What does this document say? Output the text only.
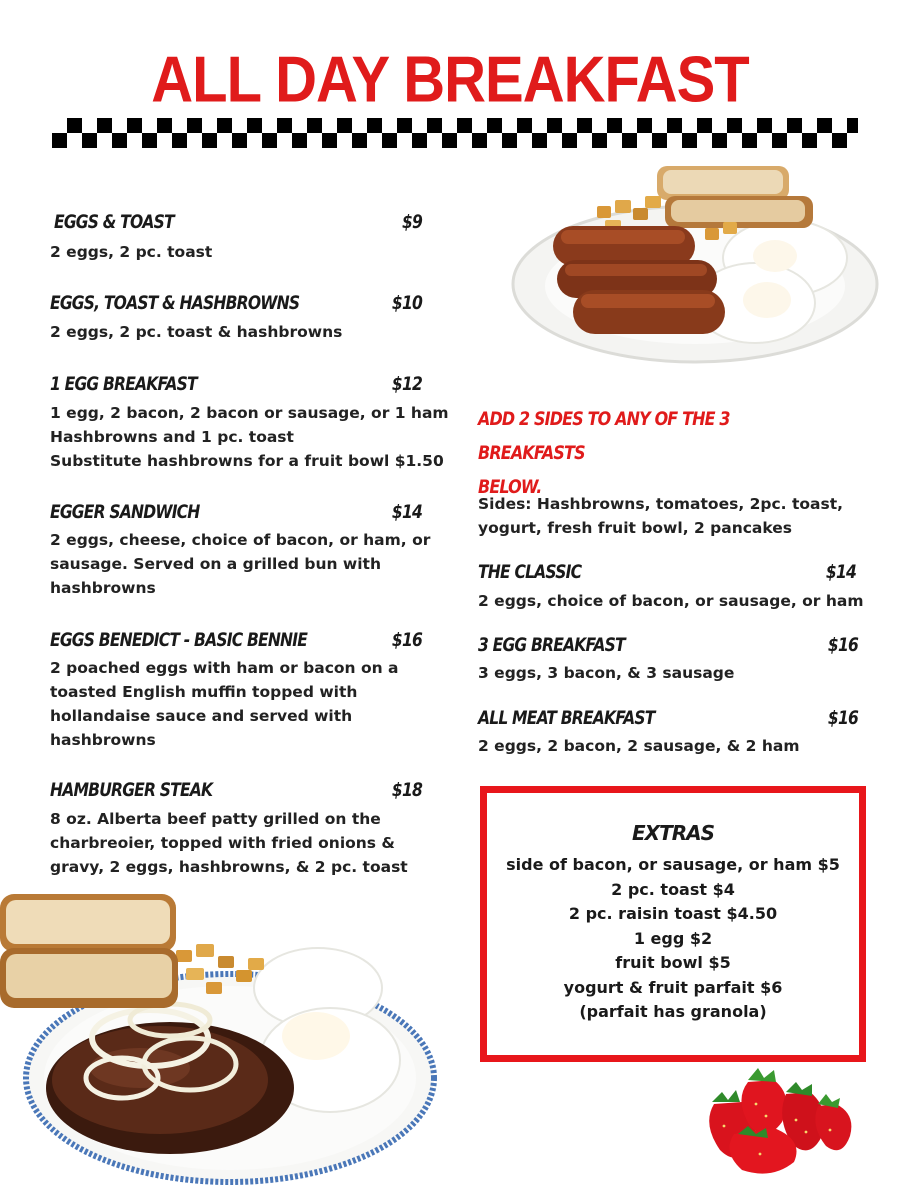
ALL DAY BREAKFAST
EGGS & TOAST	$9
2 eggs, 2 pc. toast
EGGS, TOAST & HASHBROWNS	$10
2 eggs, 2 pc. toast & hashbrowns
1 EGG BREAKFAST	$12
1 egg, 2 bacon, 2 bacon or sausage, or 1 ham
Hashbrowns and 1 pc. toast
Substitute hashbrowns for a fruit bowl $1.50
EGGER SANDWICH	$14
2 eggs, cheese, choice of bacon, or ham, or
sausage. Served on a grilled bun with
hashbrowns
EGGS BENEDICT - BASIC BENNIE	$16
2 poached eggs with ham or bacon on a
toasted English muffin topped with
hollandaise sauce and served with
hashbrowns
HAMBURGER STEAK	$18
8 oz. Alberta beef patty grilled on the
charbreoier, topped with fried onions &
gravy, 2 eggs, hashbrowns, & 2 pc. toast
ADD 2 SIDES TO ANY OF THE 3 BREAKFASTS
BELOW.
Sides: Hashbrowns, tomatoes, 2pc. toast,
yogurt, fresh fruit bowl, 2 pancakes
THE CLASSIC	$14
2 eggs, choice of bacon, or sausage, or ham
3 EGG BREAKFAST	$16
3 eggs, 3 bacon, & 3 sausage
ALL MEAT BREAKFAST	$16
2 eggs, 2 bacon, 2 sausage, & 2 ham
EXTRAS
side of bacon, or sausage, or ham $5
2 pc. toast $4
2 pc. raisin toast $4.50
1 egg $2
fruit bowl $5
yogurt & fruit parfait $6
(parfait has granola)
